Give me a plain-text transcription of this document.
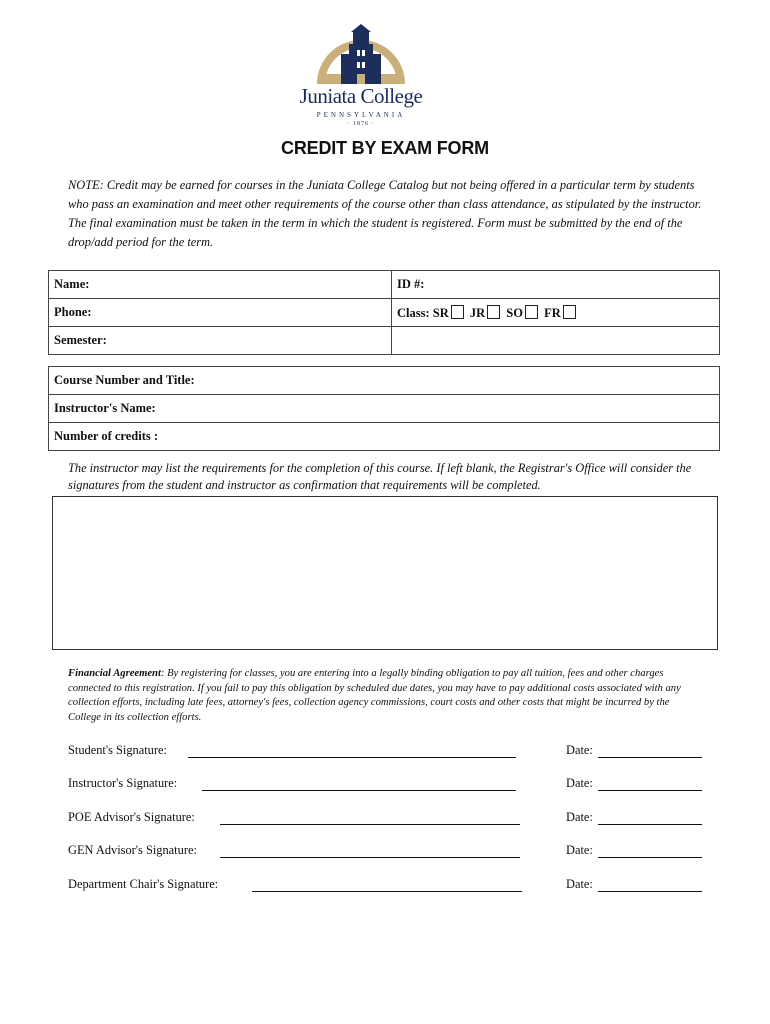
Juniata College
PENNSYLVANIA
· 1876 ·
CREDIT BY EXAM FORM

NOTE: Credit may be earned for courses in the Juniata College Catalog but not being offered in a particular term by students who pass an examination and meet other requirements of the course other than class attendance, as stipulated by the instructor. The final examination must be taken in the term in which the student is registered. Form must be submitted by the end of the drop/add period for the term.

Name:	ID #:
Phone:	Class: SR JR SO FR
Semester:	
Course Number and Title:
Instructor's Name:
Number of credits :

The instructor may list the requirements for the completion of this course. If left blank, the Registrar's Office will consider the signatures from the student and instructor as confirmation that requirements will be completed.

Financial Agreement: By registering for classes, you are entering into a legally binding obligation to pay all tuition, fees and other charges connected to this registration. If you fail to pay this obligation by scheduled due dates, you may have to pay additional costs associated with any collection efforts, including late fees, attorney's fees, collection agency commissions, court costs and other costs that might be incurred by the College in its collection efforts.

Student's Signature:	Date:
Instructor's Signature:	Date:
POE Advisor's Signature:	Date:
GEN Advisor's Signature:	Date:
Department Chair's Signature:	Date:
